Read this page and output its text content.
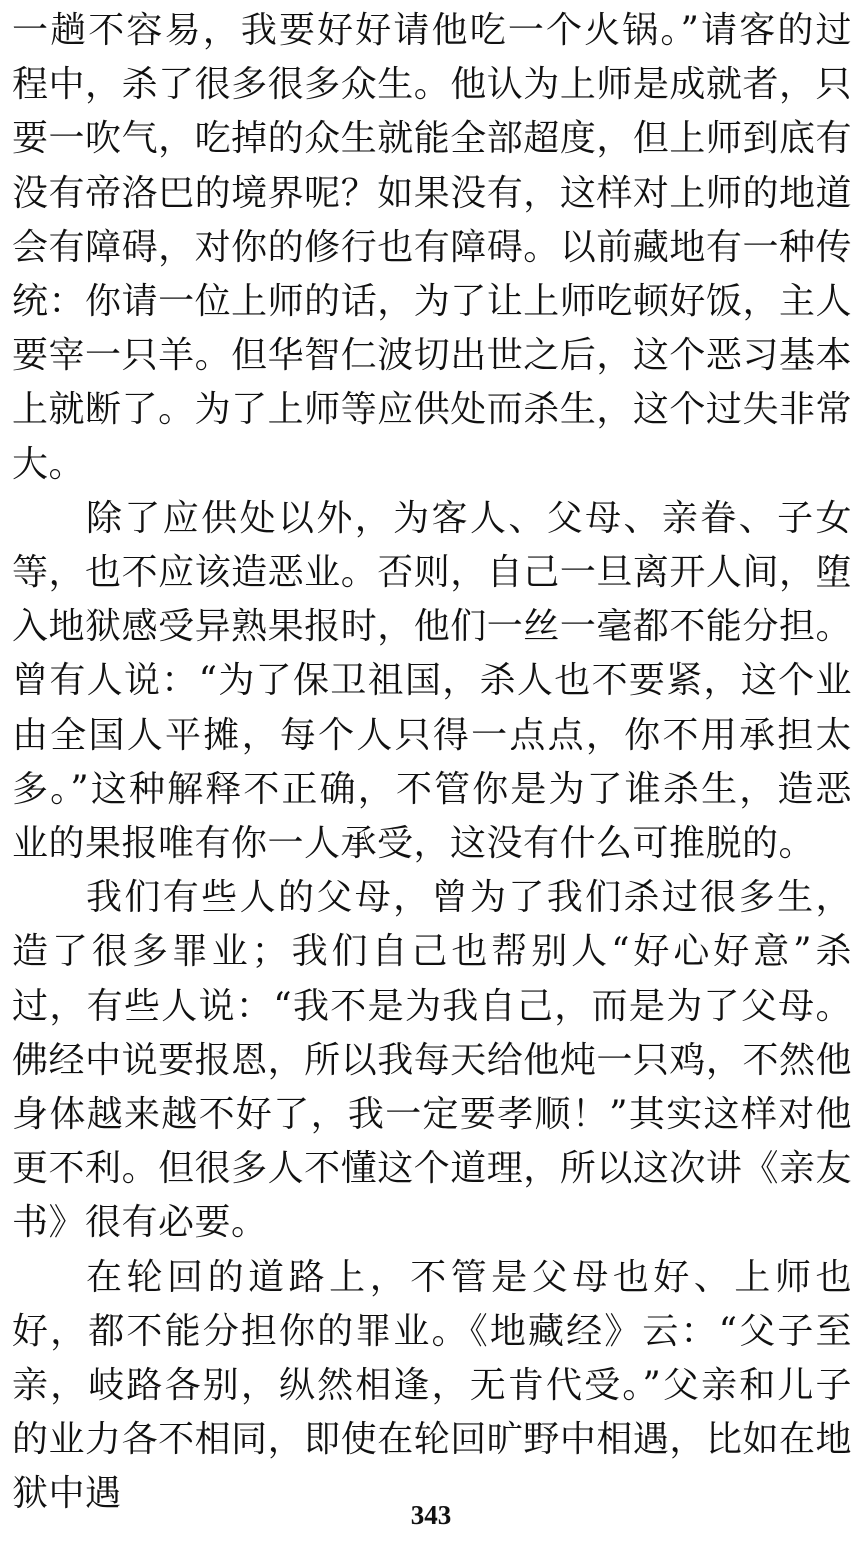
一趟不容易，我要好好请他吃一个火锅。”请客的过程中，杀了很多很多众生。他认为上师是成就者，只要一吹气，吃掉的众生就能全部超度，但上师到底有没有帝洛巴的境界呢？如果没有，这样对上师的地道会有障碍，对你的修行也有障碍。以前藏地有一种传统：你请一位上师的话，为了让上师吃顿好饭，主人要宰一只羊。但华智仁波切出世之后，这个恶习基本上就断了。为了上师等应供处而杀生，这个过失非常大。

除了应供处以外，为客人、父母、亲眷、子女等，也不应该造恶业。否则，自己一旦离开人间，堕入地狱感受异熟果报时，他们一丝一毫都不能分担。曾有人说：“为了保卫祖国，杀人也不要紧，这个业由全国人平摊，每个人只得一点点，你不用承担太多。”这种解释不正确，不管你是为了谁杀生，造恶业的果报唯有你一人承受，这没有什么可推脱的。

我们有些人的父母，曾为了我们杀过很多生，造了很多罪业；我们自己也帮别人“好心好意”杀过，有些人说：“我不是为我自己，而是为了父母。佛经中说要报恩，所以我每天给他炖一只鸡，不然他身体越来越不好了，我一定要孝顺！”其实这样对他更不利。但很多人不懂这个道理，所以这次讲《亲友书》很有必要。

在轮回的道路上，不管是父母也好、上师也好，都不能分担你的罪业。《地藏经》云：“父子至亲，岐路各别，纵然相逢，无肯代受。”父亲和儿子的业力各不相同，即使在轮回旷野中相遇，比如在地狱中遇

343
